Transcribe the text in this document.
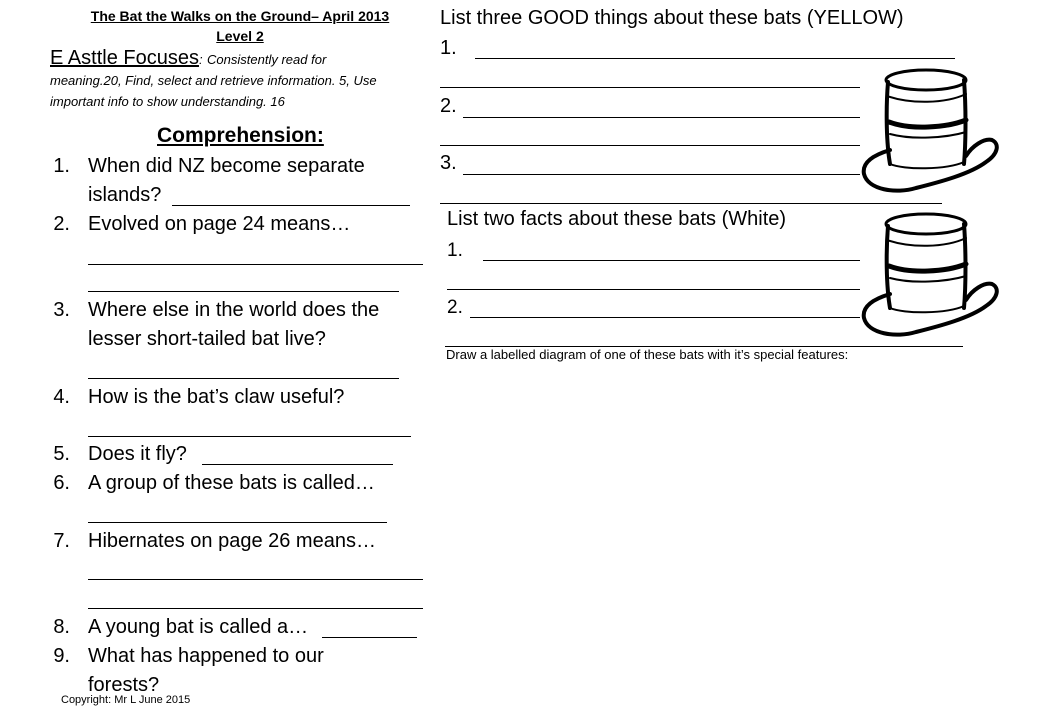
The Bat the Walks on the Ground– April 2013
Level 2
E Asttle Focuses: Consistently read for
meaning.20, Find, select and retrieve information. 5, Use
important info to show understanding. 16
Comprehension:
1. When did NZ become separate
islands?
2. Evolved on page 24 means…
3. Where else in the world does the
lesser short-tailed bat live?
4. How is the bat’s claw useful?
5. Does it fly?
6. A group of these bats is called…
7. Hibernates on page 26 means…
8. A young bat is called a…
9. What has happened to our
forests?
Copyright: Mr L June 2015
List three GOOD things about these bats (YELLOW)
1.
2.
3.
List two facts about these bats (White)
1.
2.
Draw a labelled diagram of one of these bats with it’s special features:
